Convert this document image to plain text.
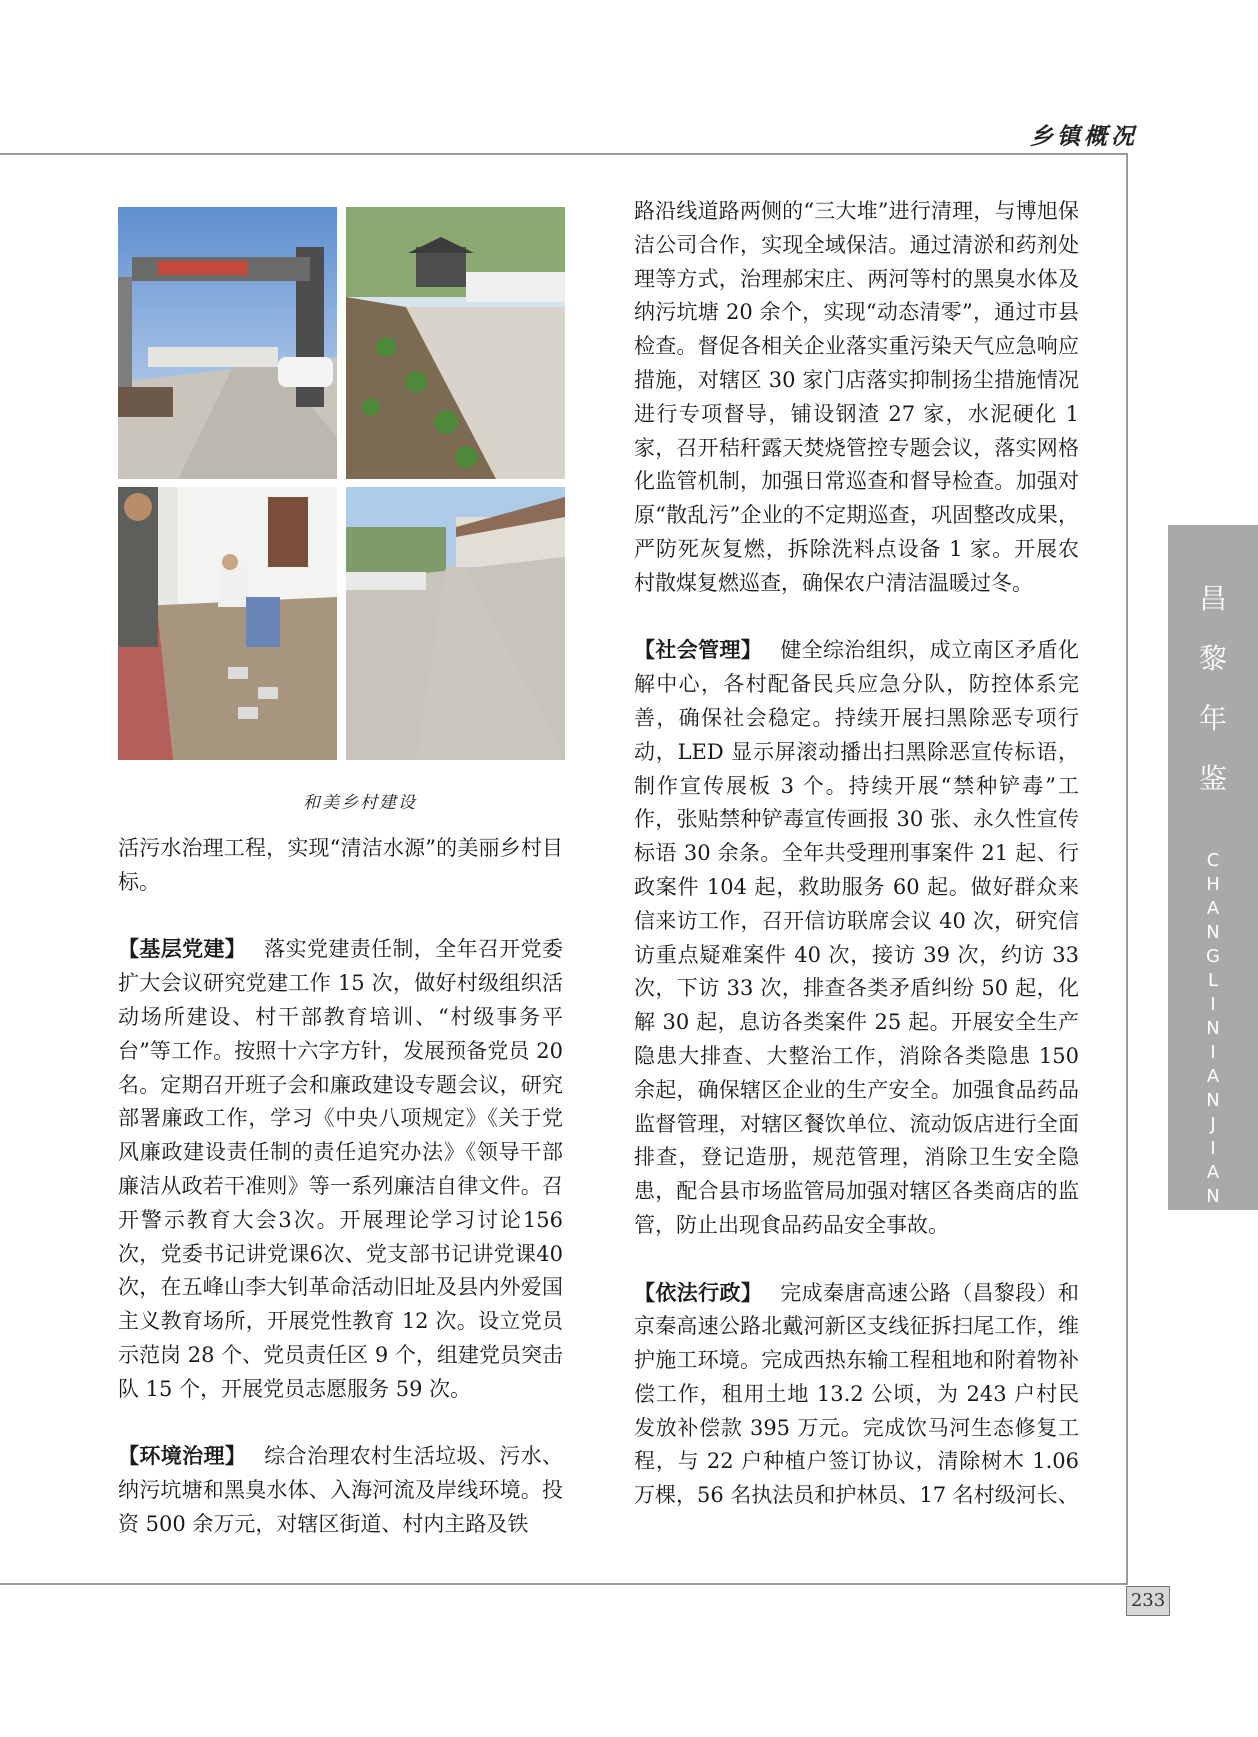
乡镇概况
和美乡村建设

活污水治理工程，实现“清洁水源”的美丽乡村目标。

【基层党建】 落实党建责任制，全年召开党委扩大会议研究党建工作 15 次，做好村级组织活动场所建设、村干部教育培训、“村级事务平台”等工作。按照十六字方针，发展预备党员 20 名。定期召开班子会和廉政建设专题会议，研究部署廉政工作，学习《中央八项规定》《关于党风廉政建设责任制的责任追究办法》《领导干部廉洁从政若干准则》等一系列廉洁自律文件。召开警示教育大会3次。开展理论学习讨论156次，党委书记讲党课6次、党支部书记讲党课40次，在五峰山李大钊革命活动旧址及县内外爱国主义教育场所，开展党性教育 12 次。设立党员示范岗 28 个、党员责任区 9 个，组建党员突击队 15 个，开展党员志愿服务 59 次。

【环境治理】 综合治理农村生活垃圾、污水、纳污坑塘和黑臭水体、入海河流及岸线环境。投资 500 余万元，对辖区街道、村内主路及铁

路沿线道路两侧的“三大堆”进行清理，与博旭保洁公司合作，实现全域保洁。通过清淤和药剂处理等方式，治理郝宋庄、两河等村的黑臭水体及纳污坑塘 20 余个，实现“动态清零”，通过市县检查。督促各相关企业落实重污染天气应急响应措施，对辖区 30 家门店落实抑制扬尘措施情况进行专项督导，铺设钢渣 27 家，水泥硬化 1 家，召开秸秆露天焚烧管控专题会议，落实网格化监管机制，加强日常巡查和督导检查。加强对原“散乱污”企业的不定期巡查，巩固整改成果，严防死灰复燃，拆除洗料点设备 1 家。开展农村散煤复燃巡查，确保农户清洁温暖过冬。

【社会管理】 健全综治组织，成立南区矛盾化解中心，各村配备民兵应急分队，防控体系完善，确保社会稳定。持续开展扫黑除恶专项行动，LED 显示屏滚动播出扫黑除恶宣传标语，制作宣传展板 3 个。持续开展“禁种铲毒”工作，张贴禁种铲毒宣传画报 30 张、永久性宣传标语 30 余条。全年共受理刑事案件 21 起、行政案件 104 起，救助服务 60 起。做好群众来信来访工作，召开信访联席会议 40 次，研究信访重点疑难案件 40 次，接访 39 次，约访 33 次，下访 33 次，排查各类矛盾纠纷 50 起，化解 30 起，息访各类案件 25 起。开展安全生产隐患大排查、大整治工作，消除各类隐患 150 余起，确保辖区企业的生产安全。加强食品药品监督管理，对辖区餐饮单位、流动饭店进行全面排查，登记造册，规范管理，消除卫生安全隐患，配合县市场监管局加强对辖区各类商店的监管，防止出现食品药品安全事故。

【依法行政】 完成秦唐高速公路（昌黎段）和京秦高速公路北戴河新区支线征拆扫尾工作，维护施工环境。完成西热东输工程租地和附着物补偿工作，租用土地 13.2 公顷，为 243 户村民发放补偿款 395 万元。完成饮马河生态修复工程，与 22 户种植户签订协议，清除树木 1.06 万棵，56 名执法员和护林员、17 名村级河长、

昌
黎
年
鉴
C
H
A
N
G
L
I
N
I
A
N
J
I
A
N
233
